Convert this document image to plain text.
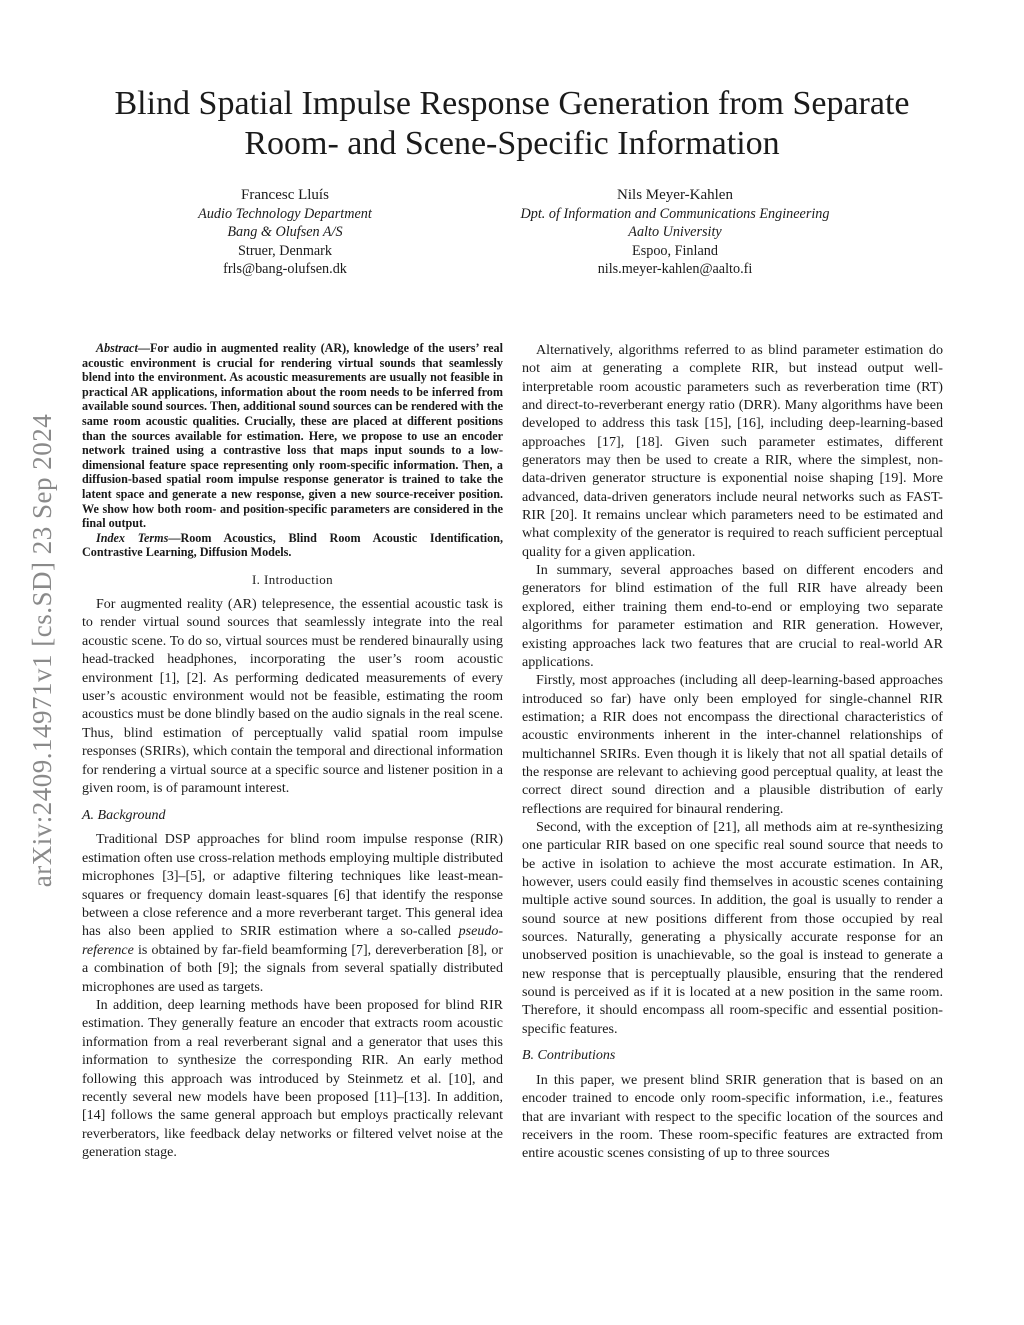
arXiv:2409.14971v1 [cs.SD] 23 Sep 2024
Blind Spatial Impulse Response Generation from Separate
Room- and Scene-Specific Information
Francesc Lluís
Audio Technology Department
Bang & Olufsen A/S
Struer, Denmark
frls@bang-olufsen.dk
Nils Meyer-Kahlen
Dpt. of Information and Communications Engineering
Aalto University
Espoo, Finland
nils.meyer-kahlen@aalto.fi

Abstract—For audio in augmented reality (AR), knowledge of the users’ real acoustic environment is crucial for rendering virtual sounds that seamlessly blend into the environment. As acoustic measurements are usually not feasible in practical AR applications, information about the room needs to be inferred from available sound sources. Then, additional sound sources can be rendered with the same room acoustic qualities. Crucially, these are placed at different positions than the sources available for estimation. Here, we propose to use an encoder network trained using a contrastive loss that maps input sounds to a low-dimensional feature space representing only room-specific information. Then, a diffusion-based spatial room impulse response generator is trained to take the latent space and generate a new response, given a new source-receiver position. We show how both room- and position-specific parameters are considered in the final output.

Index Terms—Room Acoustics, Blind Room Acoustic Identification, Contrastive Learning, Diffusion Models.

I. Introduction

For augmented reality (AR) telepresence, the essential acoustic task is to render virtual sound sources that seamlessly integrate into the real acoustic scene. To do so, virtual sources must be rendered binaurally using head-tracked headphones, incorporating the user’s room acoustic environment [1], [2]. As performing dedicated measurements of every user’s acoustic environment would not be feasible, estimating the room acoustics must be done blindly based on the audio signals in the real scene. Thus, blind estimation of perceptually valid spatial room impulse responses (SRIRs), which contain the temporal and directional information for rendering a virtual source at a specific source and listener position in a given room, is of paramount interest.

A. Background

Traditional DSP approaches for blind room impulse response (RIR) estimation often use cross-relation methods employing multiple distributed microphones [3]–[5], or adaptive filtering techniques like least-mean-squares or frequency domain least-squares [6] that identify the response between a close reference and a more reverberant target. This general idea has also been applied to SRIR estimation where a so-called pseudo-reference is obtained by far-field beamforming [7], dereverberation [8], or a combination of both [9]; the signals from several spatially distributed microphones are used as targets.

In addition, deep learning methods have been proposed for blind RIR estimation. They generally feature an encoder that extracts room acoustic information from a real reverberant signal and a generator that uses this information to synthesize the corresponding RIR. An early method following this approach was introduced by Steinmetz et al. [10], and recently several new models have been proposed [11]–[13]. In addition, [14] follows the same general approach but employs practically relevant reverberators, like feedback delay networks or filtered velvet noise at the generation stage.

Alternatively, algorithms referred to as blind parameter estimation do not aim at generating a complete RIR, but instead output well-interpretable room acoustic parameters such as reverberation time (RT) and direct-to-reverberant energy ratio (DRR). Many algorithms have been developed to address this task [15], [16], including deep-learning-based approaches [17], [18]. Given such parameter estimates, different generators may then be used to create a RIR, where the simplest, non-data-driven generator structure is exponential noise shaping [19]. More advanced, data-driven generators include neural networks such as FAST-RIR [20]. It remains unclear which parameters need to be estimated and what complexity of the generator is required to reach sufficient perceptual quality for a given application.

In summary, several approaches based on different encoders and generators for blind estimation of the full RIR have already been explored, either training them end-to-end or employing two separate algorithms for parameter estimation and RIR generation. However, existing approaches lack two features that are crucial to real-world AR applications.

Firstly, most approaches (including all deep-learning-based approaches introduced so far) have only been employed for single-channel RIR estimation; a RIR does not encompass the directional characteristics of acoustic environments inherent in the inter-channel relationships of multichannel SRIRs. Even though it is likely that not all spatial details of the response are relevant to achieving good perceptual quality, at least the correct direct sound direction and a plausible distribution of early reflections are required for binaural rendering.

Second, with the exception of [21], all methods aim at re-synthesizing one particular RIR based on one specific real sound source that needs to be active in isolation to achieve the most accurate estimation. In AR, however, users could easily find themselves in acoustic scenes containing multiple active sound sources. In addition, the goal is usually to render a sound source at new positions different from those occupied by real sources. Naturally, generating a physically accurate response for an unobserved position is unachievable, so the goal is instead to generate a new response that is perceptually plausible, ensuring that the rendered sound is perceived as if it is located at a new position in the same room. Therefore, it should encompass all room-specific and essential position-specific features.

B. Contributions

In this paper, we present blind SRIR generation that is based on an encoder trained to encode only room-specific information, i.e., features that are invariant with respect to the specific location of the sources and receivers in the room. These room-specific features are extracted from entire acoustic scenes consisting of up to three sources
